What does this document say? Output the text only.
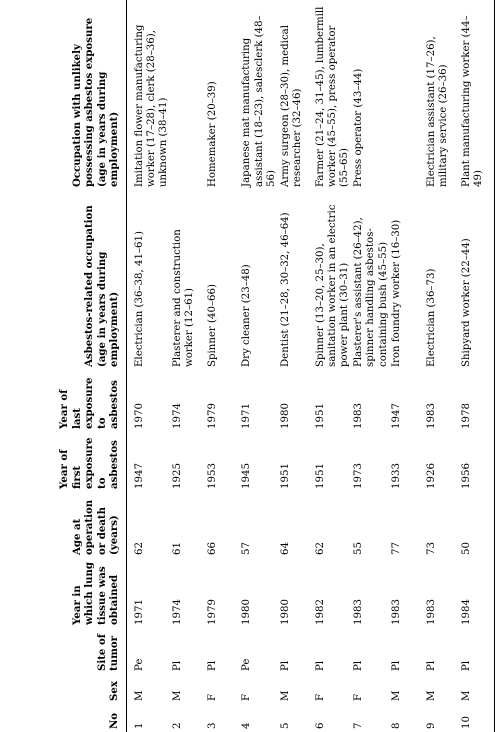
No	Sex	Site of tumor	Year in which lung tissue was obtained	Age at operation or death (years)	Year of first exposure to asbestos	Year of last exposure to asbestos	Asbestos-related occupation (age in years during employment)	Occupation with unlikely possessing asbestos exposure (age in years during employment)
1	M	Pe	1971	62	1947	1970	Electrician (36–38, 41–61)	Imitation flower manufacturing worker (17–28), clerk (28–36), unknown (38–41)
2	M	Pl	1974	61	1925	1974	Plasterer and construction worker (12–61)	
3	F	Pl	1979	66	1953	1979	Spinner (40–66)	Homemaker (20–39)
4	F	Pe	1980	57	1945	1971	Dry cleaner (23–48)	Japanese mat manufacturing assistant (18–23), salesclerk (48–56)
5	M	Pl	1980	64	1951	1980	Dentist (21–28, 30–32, 46–64)	Army surgeon (28–30), medical researcher (32–46)
6	F	Pl	1982	62	1951	1951	Spinner (13–20, 25–30), sanitation worker in an electric power plant (30–31)	Farmer (21–24, 31–45), lumbermill worker (45–55), press operator (55–65)
7	F	Pl	1983	55	1973	1983	Plasterer's assistant (26–42), spinner handling asbestos-containing bush (45–55)	Press operator (43–44)
8	M	Pl	1983	77	1933	1947	Iron foundry worker (16–30)	
9	M	Pl	1983	73	1926	1983	Electrician (36–73)	Electrician assistant (17–26), military service (26–36)
10	M	Pl	1984	50	1956	1978	Shipyard worker (22–44)	Plant manufacturing worker (44–49)
